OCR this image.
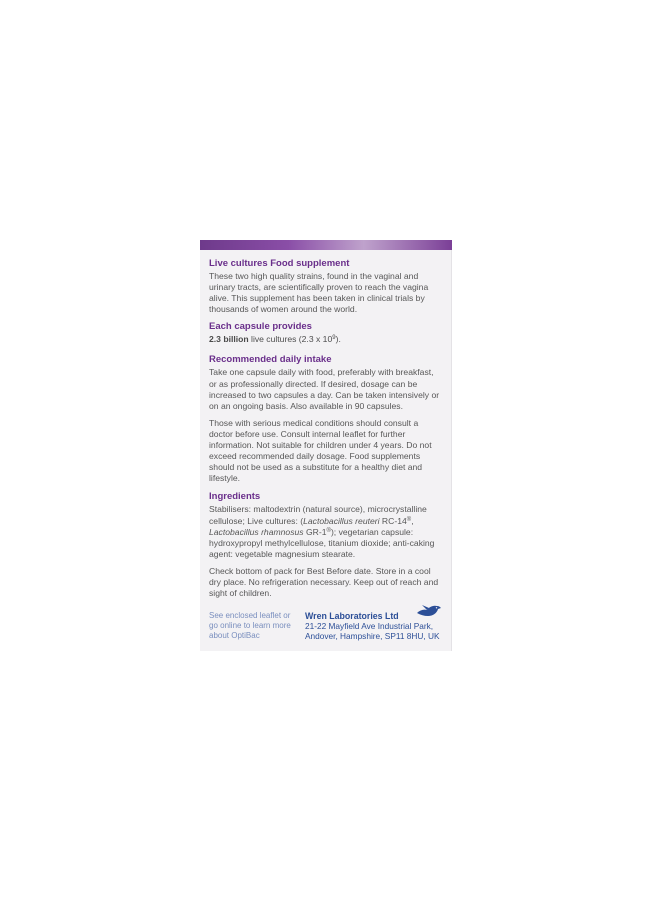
Live cultures Food supplement

These two high quality strains, found in the vaginal and urinary tracts, are scientifically proven to reach the vagina alive. This supplement has been taken in clinical trials by thousands of women around the world.

Each capsule provides
2.3 billion live cultures (2.3 x $10^9$).
Recommended daily intake

Take one capsule daily with food, preferably with breakfast, or as professionally directed. If desired, dosage can be increased to two capsules a day. Can be taken intensively or on an ongoing basis. Also available in 90 capsules.

Those with serious medical conditions should consult a doctor before use. Consult internal leaflet for further information. Not suitable for children under 4 years. Do not exceed recommended daily dosage. Food supplements should not be used as a substitute for a healthy diet and lifestyle.

Ingredients

Stabilisers: maltodextrin (natural source), microcrystalline cellulose; Live cultures: (Lactobacillus reuteri RC-14®, Lactobacillus rhamnosus GR-1®); vegetarian capsule: hydroxypropyl methylcellulose, titanium dioxide; anti-caking agent: vegetable magnesium stearate.

Check bottom of pack for Best Before date. Store in a cool dry place. No refrigeration necessary. Keep out of reach and sight of children.

See enclosed leaflet or go online to learn more about OptiBac
Wren Laboratories Ltd
21-22 Mayfield Ave Industrial Park,
Andover, Hampshire, SP11 8HU, UK
